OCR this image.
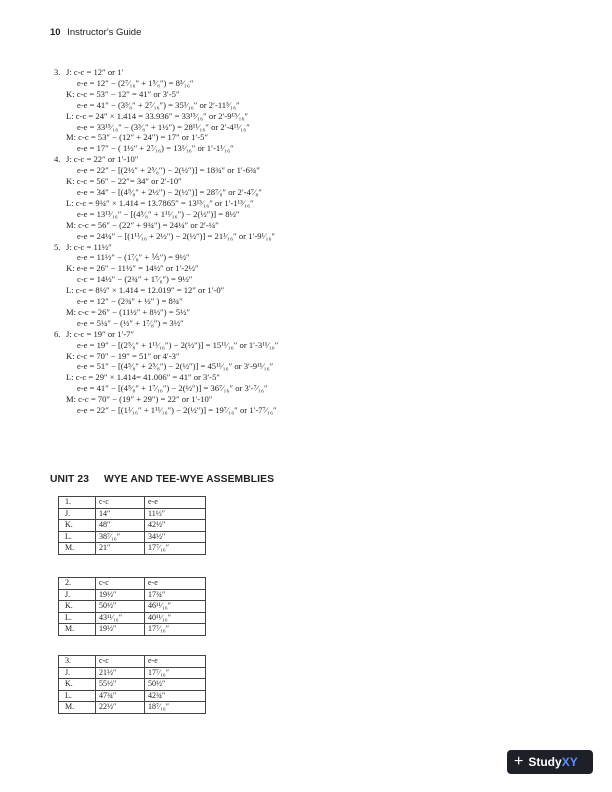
10 Instructor's Guide
3. J: c-c = 12″ or 1′
e-e = 12″ − (2⁷⁄₁₆″ + 1⁵⁄₈″) = 8³⁄₁₆″
K: c-c = 53″ − 12″ = 41″ or 3′-5″
e-e = 41″ − (3³⁄₈″ + 2⁷⁄₁₆″) = 35³⁄₁₆″ or 2′-11³⁄₁₆″
L: c-c = 24″ × 1.414 = 33.936″ = 33¹⁵⁄₁₆″ or 2′-9¹⁵⁄₁₆″
e-e = 33¹⁵⁄₁₆″ − (3³⁄₈″ + 1½″) = 28¹¹⁄₁₆″ or 2′-4¹¹⁄₁₆″
M: c-c = 53″ − (12″ + 24″) = 17″ or 1′-5″
e-e = 17″ − ( 1½″ + 2⁷⁄₁₆) = 13¹⁄₁₆″ or 1′-1¹⁄₁₆″
4. J: c-c = 22″ or 1′-10″
e-e = 22″ − [(2½″ + 2⁵⁄₈″) − 2(½″)] = 18¾″ or 1′-6¾″
K: c-c = 56″ − 22″= 34″ or 2′-10″
e-e = 34″ − [(4⁵⁄₈″ + 2½″) − 2(½″)] = 28⁷⁄₈″ or 2′-4⁷⁄₈″
L: c-c = 9¾″ × 1.414 = 13.7865″ = 13¹³⁄₁₆″ or 1′-1¹³⁄₁₆″
e-e = 13¹³⁄₁₆″ − [(4⁵⁄₈″ + 1¹¹⁄₁₆″) − 2(½″)] = 8½″
M: c-c = 56″ − (22″ + 9¾″) = 24¼″ or 2′-¼″
e-e = 24¼″ − [(1¹¹⁄₁₆ + 2½″) − 2(½″)] = 21¹⁄₁₆″ or 1′-9¹⁄₁₆″
5. J: c-c = 11½″
e-e = 11½″ − (1⁷⁄₈″ + ⅕″) = 9½″
K: e-e = 26″ − 11½″ = 14½″ or 1′-2½″
c-c = 14½″ − (2¾″ + 1⁷⁄₈″) = 9½″
L: c-c = 8½″ × 1.414 = 12.019″ = 12″ or 1′-0″
e-e = 12″ − (2¾″ + ½″ ) = 8¾″
M: c-c = 26″ − (11½″ + 8½″) = 5½″
e-e = 5¼″ − (½″ + 1⁷⁄₈″) = 3½″
6. J: c-c = 19″ or 1′-7″
e-e = 19″ − [(2⁵⁄₈″ + 1¹¹⁄₁₆″) − 2(½″)] = 15¹¹⁄₁₆″ or 1′-3¹¹⁄₁₆″
K: c-c = 70″ − 19″ = 51″ or 4′-3″
e-e = 51″ − [(4⁵⁄₈″ + 2⁵⁄₈″) − 2(½″)] = 45¹¹⁄₁₆″ or 3′-9¹¹⁄₁₆″
L: c-c = 29″ × 1.414= 41.006″ = 41″ or 3′-5″
e-e = 41″ − [(4⁵⁄₈″ + 1⁷⁄₁₆″) − 2(½″)] = 36⁷⁄₁₆″ or 3′-⁷⁄₁₆″
M: c-c = 70″ − (19″ + 29″) = 22″ or 1′-10″
e-e = 22″ − [(1¹⁄₁₆″ + 1¹¹⁄₁₆″) − 2(½″)] = 19⁷⁄₁₆″ or 1′-7⁷⁄₁₆″
UNIT 23 WYE AND TEE-WYE ASSEMBLIES
1.	c-c	e-e
J.	14″	11½″
K.	48″	42½″
L.	38⁷⁄₁₆″	34½″
M.	21″	17⁷⁄₁₆″
2.	c-c	e-e
J.	19½″	17¾″
K.	50½″	46¹¹⁄₁₆″
L.	43¹¹⁄₁₆″	40¹¹⁄₁₆″
M.	19½″	17⁷⁄₁₆″
3.	c-c	e-e
J.	21½″	17⁷⁄₁₆″
K.	55½″	50½″
L.	47¾″	42¾″
M.	22½″	18⁷⁄₁₆″
+ Study XY
